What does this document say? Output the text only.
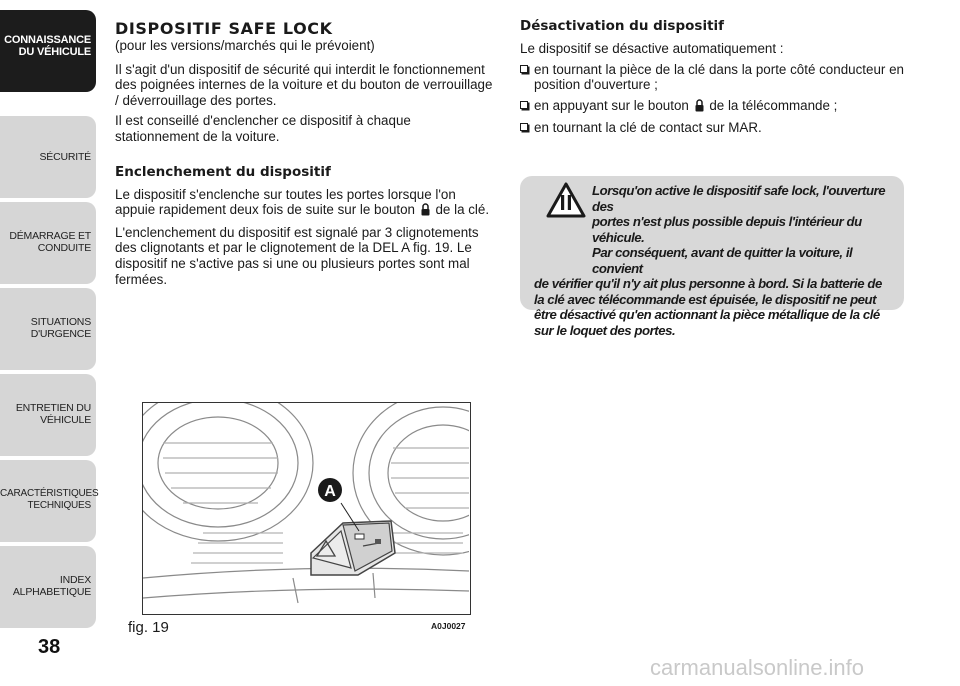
CONNAISSANCE
DU VÉHICULE
SÉCURITÉ
DÉMARRAGE ET
CONDUITE
SITUATIONS
D'URGENCE
ENTRETIEN DU
VÉHICULE
CARACTÉRISTIQUES
TECHNIQUES
INDEX
ALPHABETIQUE
38
DISPOSITIF SAFE LOCK

(pour les versions/marchés qui le prévoient)

Il s'agit d'un dispositif de sécurité qui interdit le fonctionnement des poignées internes de la voiture et du bouton de verrouillage / déverrouillage des portes.

Il est conseillé d'enclencher ce dispositif à chaque stationnement de la voiture.

Enclenchement du dispositif

Le dispositif s'enclenche sur toutes les portes lorsque l'on appuie rapidement deux fois de suite sur le bouton de la clé.

L'enclenchement du dispositif est signalé par 3 clignotements des clignotants et par le clignotement de la DEL A fig. 19. Le dispositif ne s'active pas si une ou plusieurs portes sont mal fermées.

Désactivation du dispositif

Le dispositif se désactive automatiquement :

en tournant la pièce de la clé dans la porte côté conducteur en position d'ouverture ;
en appuyant sur le bouton de la télécommande ;
en tournant la clé de contact sur MAR.
Lorsqu'on active le dispositif safe lock, l'ouverture des
portes n'est plus possible depuis l'intérieur du véhicule.
Par conséquent, avant de quitter la voiture, il convient
de vérifier qu'il n'y ait plus personne à bord. Si la batterie de la clé avec télécommande est épuisée, le dispositif ne peut être désactivé qu'en actionnant la pièce métallique de la clé sur le loquet des portes.
A
fig. 19	A0J0027
carmanualsonline.info
